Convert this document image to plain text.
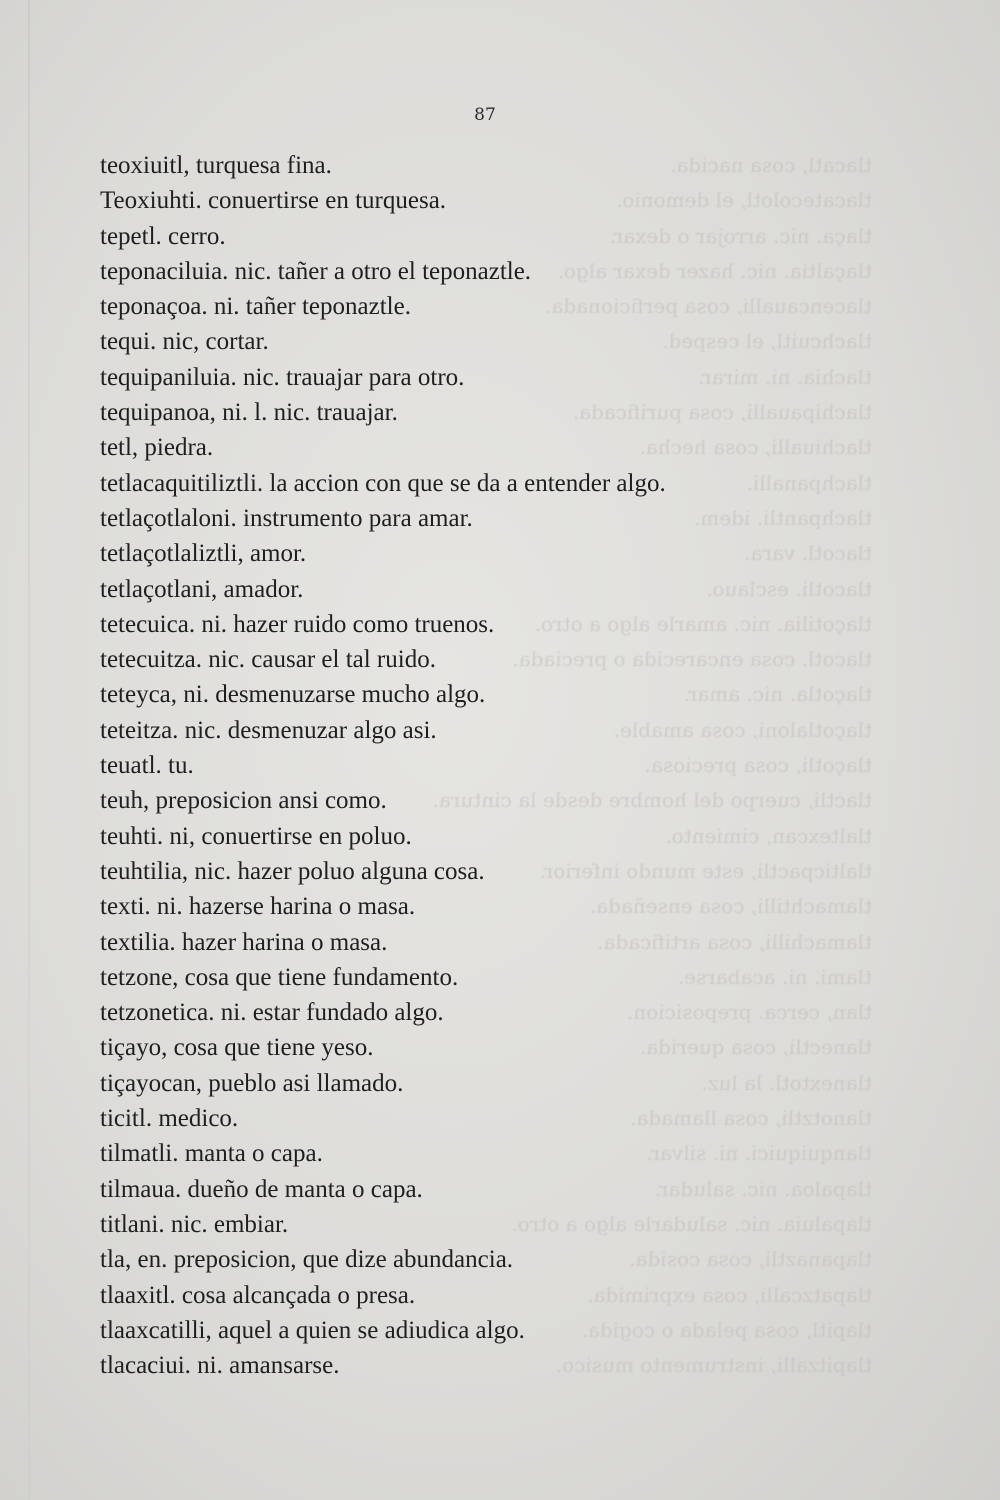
tlacatl, cosa nacida.
tlacatecolotl, el demonio.
tlaça. nic. arrojar o dexar.
tlaçaltia. nic. hazer dexar algo.
tlacencaualli, cosa perficionada.
tlachcuitl, el cesped.
tlachia. ni. mirar.
tlachipaualli, cosa purificada.
tlachiualli, cosa hecha.
tlachpanalli.
tlachpantli. idem.
tlacotl. vara.
tlacotli. esclauo.
tlaçotilia. nic. amarle algo a otro.
tlacotl. cosa encarecida o preciada.
tlaçotla. nic. amar.
tlaçotlaloni, cosa amable.
tlaçotli, cosa preciosa.
tlactli, cuerpo del hombre desde la cintura.
tlaltexcan, cimiento.
tlalticpactli, este mundo inferior.
tlamachtilli, cosa enseñada.
tlamachilli, cosa artificada.
tlami. ni. acabarse.
tlan, cerca. preposicion.
tlanectli, cosa querida.
tlanextotl. la luz.
tlanotztli, cosa llamada.
tlanquiquici. ni. silvar.
tlapaloa. nic. saludar.
tlapaluia. nic. saludarle algo a otro.
tlapanaztli, cosa cosida.
tlapatzcalli, cosa exprimida.
tlapitl, cosa pelada o cogida.
tlapitzalli, instrumento musico.
87
teoxiuitl, turquesa fina.
Teoxiuhti. conuertirse en turquesa.
tepetl. cerro.
teponaciluia. nic. tañer a otro el teponaztle.
teponaçoa. ni. tañer teponaztle.
tequi. nic, cortar.
tequipaniluia. nic. trauajar para otro.
tequipanoa, ni. l. nic. trauajar.
tetl, piedra.
tetlacaquitiliztli. la accion con que se da a entender algo.
tetlaçotlaloni. instrumento para amar.
tetlaçotlaliztli, amor.
tetlaçotlani, amador.
tetecuica. ni. hazer ruido como truenos.
tetecuitza. nic. causar el tal ruido.
teteyca, ni. desmenuzarse mucho algo.
teteitza. nic. desmenuzar algo asi.
teuatl. tu.
teuh, preposicion ansi como.
teuhti. ni, conuertirse en poluo.
teuhtilia, nic. hazer poluo alguna cosa.
texti. ni. hazerse harina o masa.
textilia. hazer harina o masa.
tetzone, cosa que tiene fundamento.
tetzonetica. ni. estar fundado algo.
tiçayo, cosa que tiene yeso.
tiçayocan, pueblo asi llamado.
ticitl. medico.
tilmatli. manta o capa.
tilmaua. dueño de manta o capa.
titlani. nic. embiar.
tla, en. preposicion, que dize abundancia.
tlaaxitl. cosa alcançada o presa.
tlaaxcatilli, aquel a quien se adiudica algo.
tlacaciui. ni. amansarse.
